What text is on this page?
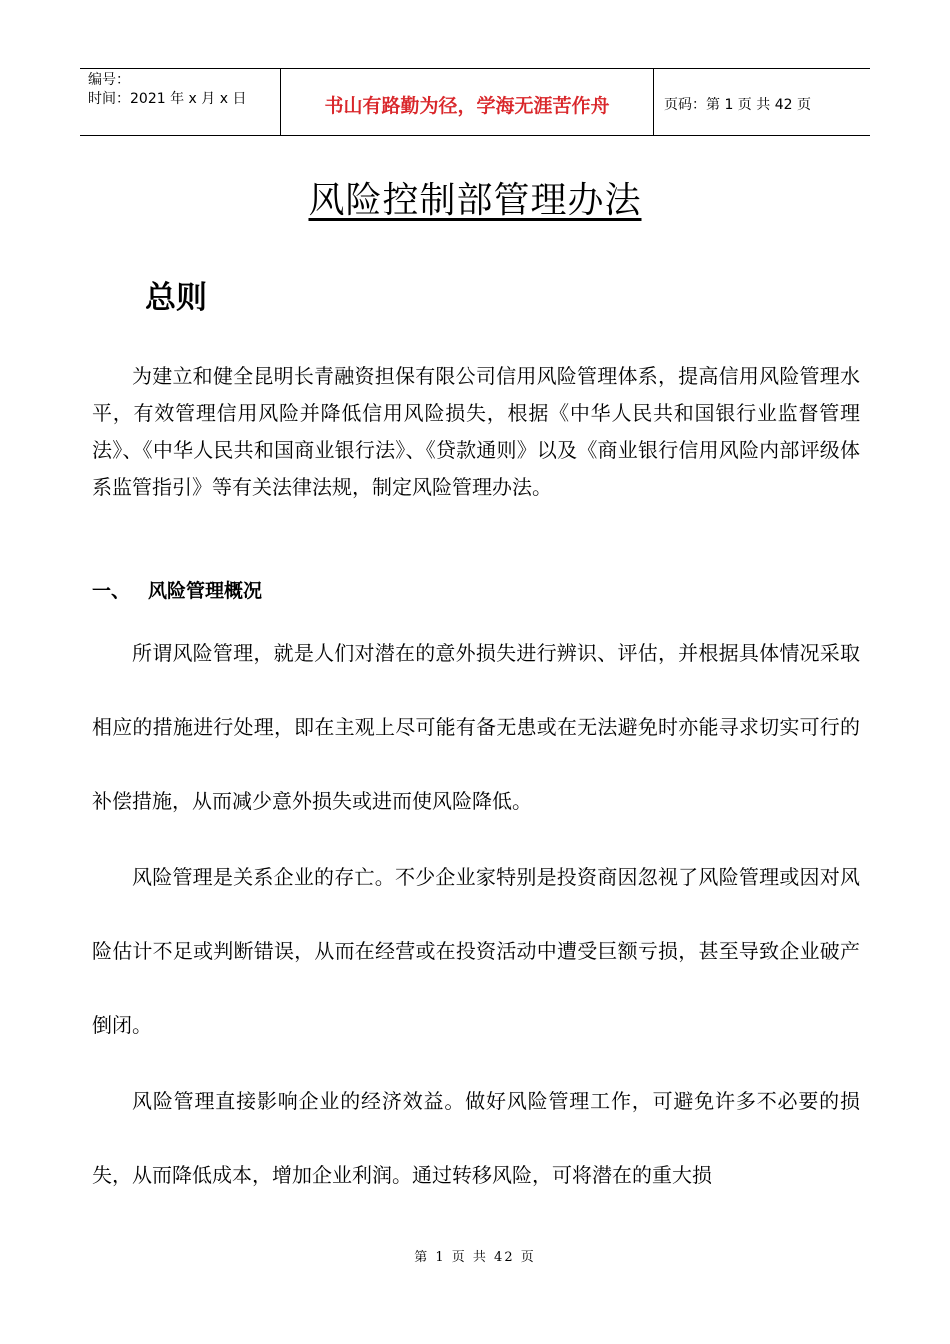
编号：
时间：2021 年 x 月 x 日	书山有路勤为径，学海无涯苦作舟	页码：第 1 页 共 42 页
风险控制部管理办法
总则
为建立和健全昆明长青融资担保有限公司信用风险管理体系，提高信用风险管理水平，有效管理信用风险并降低信用风险损失，根据《中华人民共和国银行业监督管理法》、《中华人民共和国商业银行法》、《贷款通则》以及《商业银行信用风险内部评级体系监管指引》等有关法律法规，制定风险管理办法。
一、 风险管理概况
所谓风险管理，就是人们对潜在的意外损失进行辨识、评估，并根据具体情况采取相应的措施进行处理，即在主观上尽可能有备无患或在无法避免时亦能寻求切实可行的补偿措施，从而减少意外损失或进而使风险降低。
风险管理是关系企业的存亡。不少企业家特别是投资商因忽视了风险管理或因对风险估计不足或判断错误，从而在经营或在投资活动中遭受巨额亏损，甚至导致企业破产倒闭。
风险管理直接影响企业的经济效益。做好风险管理工作，可避免许多不必要的损失，从而降低成本，增加企业利润。通过转移风险，可将潜在的重大损
第 1 页 共 42 页
